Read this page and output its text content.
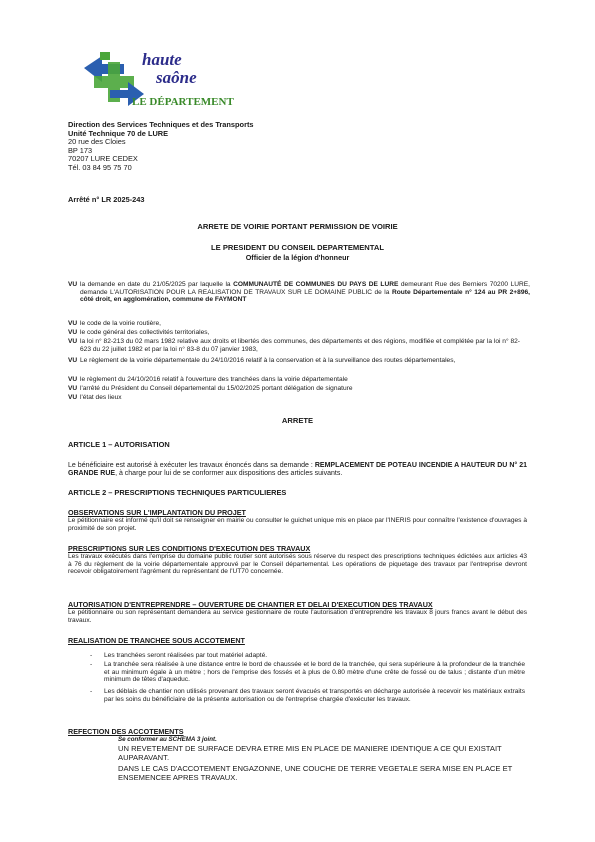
haute
saône
LE DÉPARTEMENT
Direction des Services Techniques et des Transports
Unité Technique 70 de LURE
20 rue des Cloies
BP 173
70207 LURE CEDEX
Tél. 03 84 95 75 70
Arrêté n° LR 2025-243
ARRETE DE VOIRIE PORTANT PERMISSION DE VOIRIE
LE PRESIDENT DU CONSEIL DEPARTEMENTAL
Officier de la légion d'honneur
VU la demande en date du 21/05/2025 par laquelle la COMMUNAUTÉ DE COMMUNES DU PAYS DE LURE demeurant Rue des Berniers 70200 LURE, demande L'AUTORISATION POUR LA REALISATION DE TRAVAUX SUR LE DOMAINE PUBLIC de la Route Départementale n° 124 au PR 2+896, côté droit, en agglomération, commune de FAYMONT
VU le code de la voirie routière,
VU le code général des collectivités territoriales,
VU la loi n° 82-213 du 02 mars 1982 relative aux droits et libertés des communes, des départements et des régions, modifiée et complétée par la loi n° 82-623 du 22 juillet 1982 et par la loi n° 83-8 du 07 janvier 1983,
VU Le règlement de la voirie départementale du 24/10/2016 relatif à la conservation et à la surveillance des routes départementales,
VU le règlement du 24/10/2016 relatif à l'ouverture des tranchées dans la voirie départementale
VU l'arrêté du Président du Conseil départemental du 15/02/2025 portant délégation de signature
VU l'état des lieux
ARRETE
ARTICLE 1 – AUTORISATION
Le bénéficiaire est autorisé à exécuter les travaux énoncés dans sa demande : REMPLACEMENT DE POTEAU INCENDIE A HAUTEUR DU N° 21 GRANDE RUE, à charge pour lui de se conformer aux dispositions des articles suivants.
ARTICLE 2 – PRESCRIPTIONS TECHNIQUES PARTICULIERES
OBSERVATIONS SUR L'IMPLANTATION DU PROJET
Le pétitionnaire est informé qu'il doit se renseigner en mairie ou consulter le guichet unique mis en place par l'INERIS pour connaître l'existence d'ouvrages à proximité de son projet.
PRESCRIPTIONS SUR LES CONDITIONS D'EXECUTION DES TRAVAUX
Les travaux exécutés dans l'emprise du domaine public routier sont autorisés sous réserve du respect des prescriptions techniques édictées aux articles 43 à 76 du règlement de la voirie départementale approuvé par le Conseil départemental. Les opérations de piquetage des travaux par l'entreprise devront recevoir obligatoirement l'agrément du représentant de l'UT70 concernée.
AUTORISATION D'ENTREPRENDRE – OUVERTURE DE CHANTIER ET DELAI D'EXECUTION DES TRAVAUX
Le pétitionnaire ou son représentant demandera au service gestionnaire de route l'autorisation d'entreprendre les travaux 8 jours francs avant le début des travaux.
REALISATION DE TRANCHEE SOUS ACCOTEMENT
- Les tranchées seront réalisées par tout matériel adapté.
- La tranchée sera réalisée à une distance entre le bord de chaussée et le bord de la tranchée, qui sera supérieure à la profondeur de la tranchée et au minimum égale à un mètre ; hors de l'emprise des fossés et à plus de 0.80 mètre d'une crête de fossé ou de talus ; distante d'un mètre minimum de têtes d'aqueduc.
- Les déblais de chantier non utilisés provenant des travaux seront évacués et transportés en décharge autorisée à recevoir les matériaux extraits par les soins du bénéficiaire de la présente autorisation ou de l'entreprise chargée d'exécuter les travaux.
REFECTION DES ACCOTEMENTS
Se conformer au SCHEMA 3 joint.
UN REVETEMENT DE SURFACE DEVRA ETRE MIS EN PLACE DE MANIERE IDENTIQUE A CE QUI EXISTAIT AUPARAVANT.
DANS LE CAS D'ACCOTEMENT ENGAZONNE, UNE COUCHE DE TERRE VEGETALE SERA MISE EN PLACE ET ENSEMENCEE APRES TRAVAUX.
